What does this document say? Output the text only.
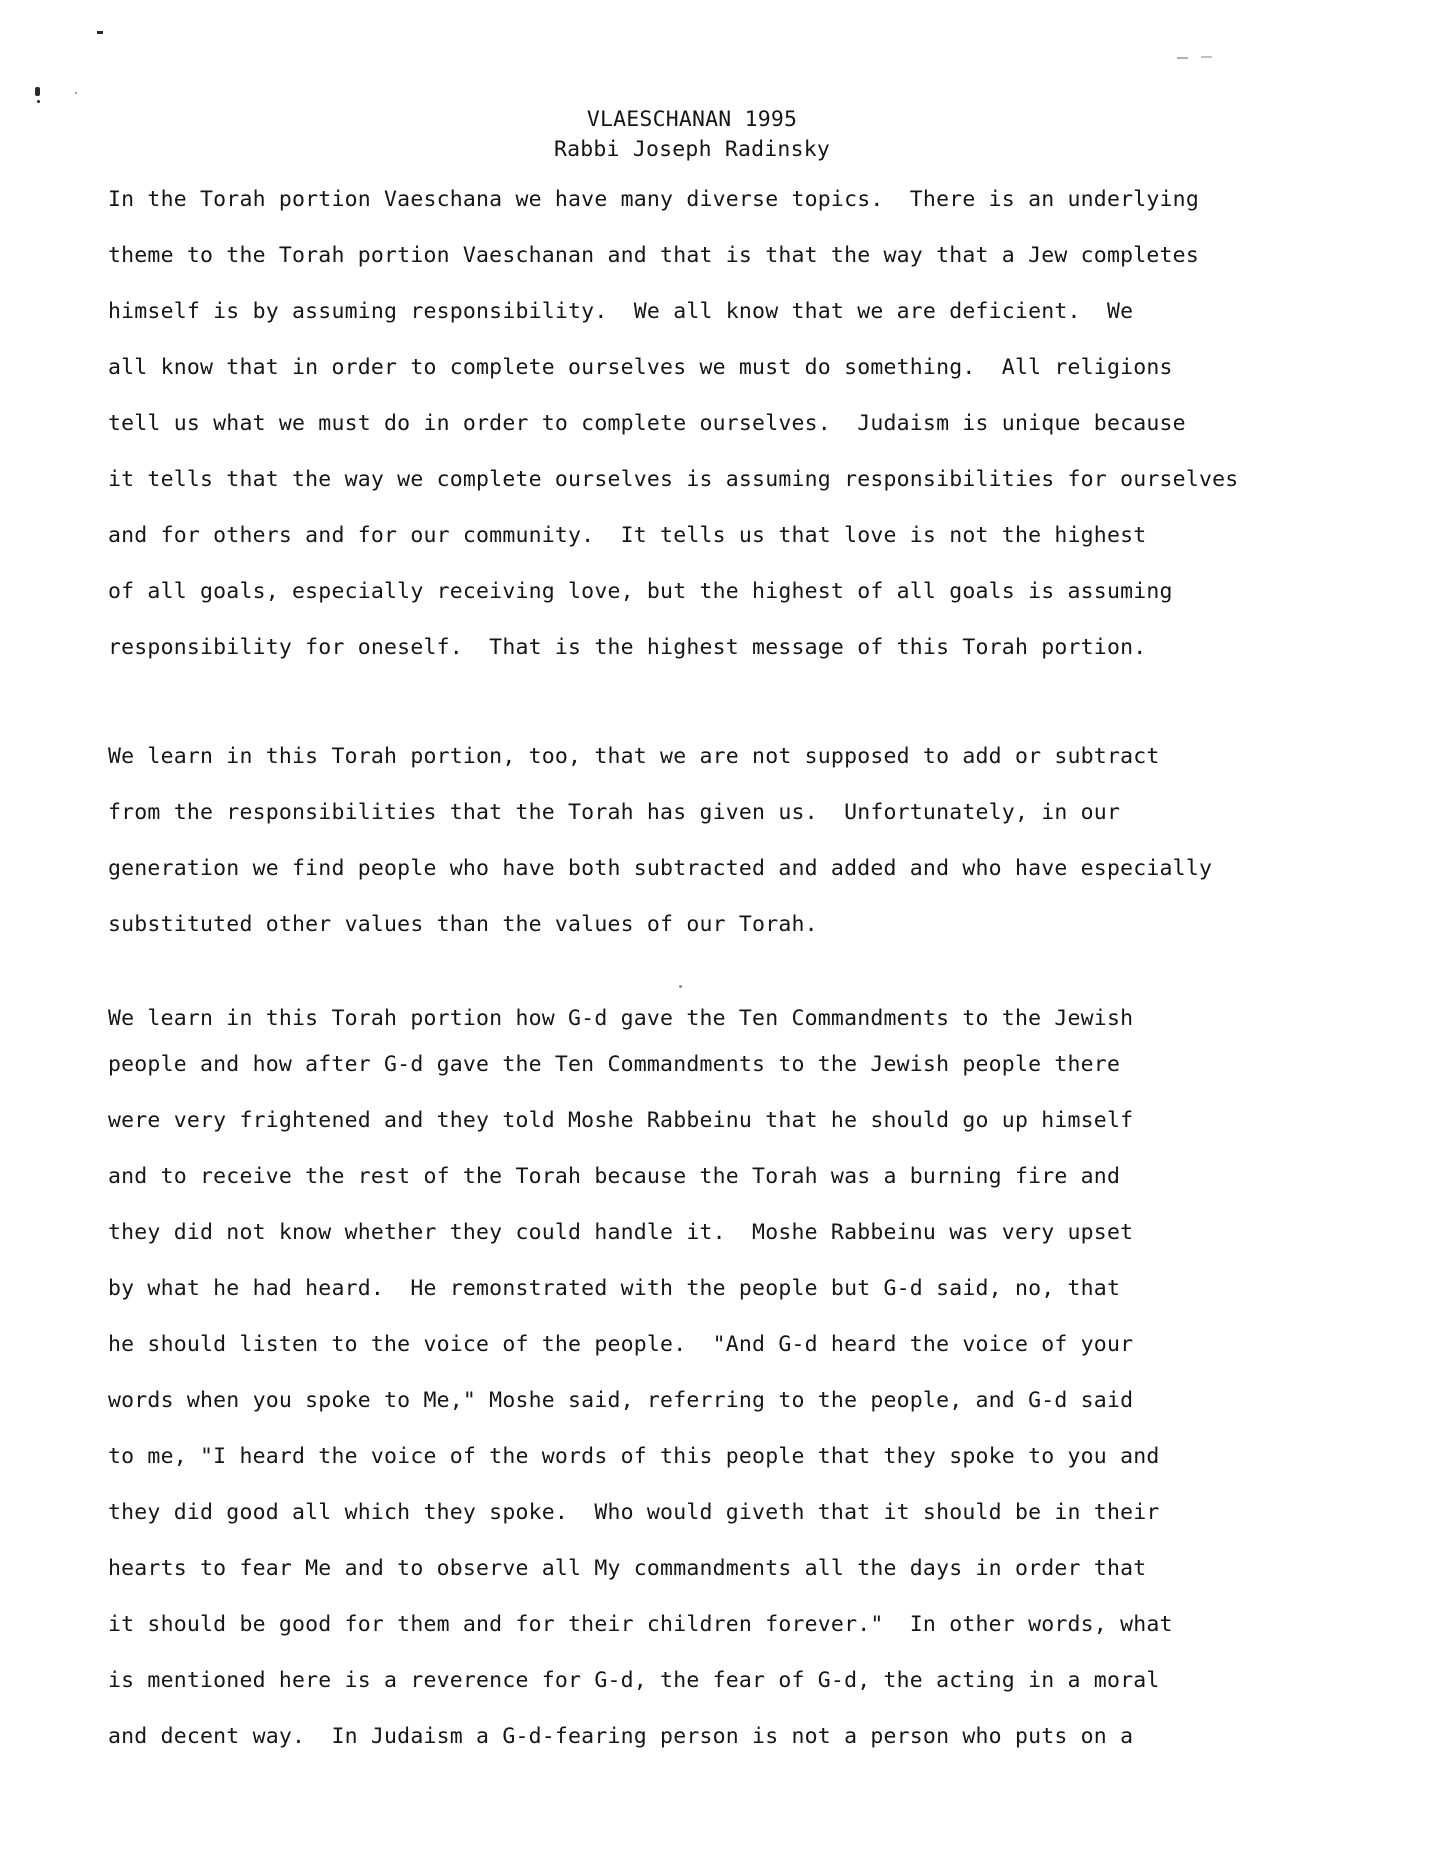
VLAESCHANAN 1995
Rabbi Joseph Radinsky
In the Torah portion Vaeschana we have many diverse topics.  There is an underlying
theme to the Torah portion Vaeschanan and that is that the way that a Jew completes
himself is by assuming responsibility.  We all know that we are deficient.  We
all know that in order to complete ourselves we must do something.  All religions
tell us what we must do in order to complete ourselves.  Judaism is unique because
it tells that the way we complete ourselves is assuming responsibilities for ourselves
and for others and for our community.  It tells us that love is not the highest
of all goals, especially receiving love, but the highest of all goals is assuming
responsibility for oneself.  That is the highest message of this Torah portion.
We learn in this Torah portion, too, that we are not supposed to add or subtract
from the responsibilities that the Torah has given us.  Unfortunately, in our
generation we find people who have both subtracted and added and who have especially
substituted other values than the values of our Torah.
We learn in this Torah portion how G-d gave the Ten Commandments to the Jewish
people and how after G-d gave the Ten Commandments to the Jewish people there
were very frightened and they told Moshe Rabbeinu that he should go up himself
and to receive the rest of the Torah because the Torah was a burning fire and
they did not know whether they could handle it.  Moshe Rabbeinu was very upset
by what he had heard.  He remonstrated with the people but G-d said, no, that
he should listen to the voice of the people.  "And G-d heard the voice of your
words when you spoke to Me," Moshe said, referring to the people, and G-d said
to me, "I heard the voice of the words of this people that they spoke to you and
they did good all which they spoke.  Who would giveth that it should be in their
hearts to fear Me and to observe all My commandments all the days in order that
it should be good for them and for their children forever."  In other words, what
is mentioned here is a reverence for G-d, the fear of G-d, the acting in a moral
and decent way.  In Judaism a G-d-fearing person is not a person who puts on a
